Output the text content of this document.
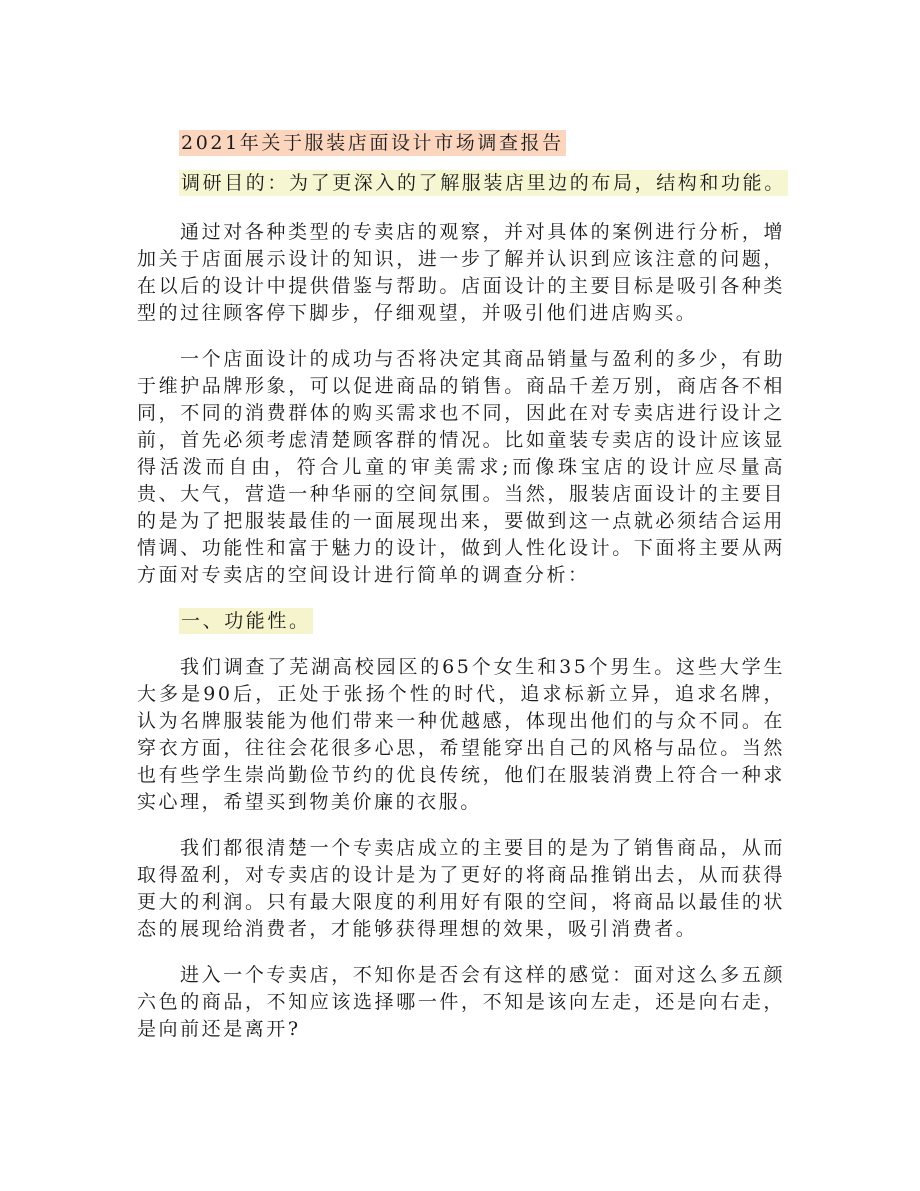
2021年关于服装店面设计市场调查报告
调研目的：为了更深入的了解服装店里边的布局，结构和功能。

通过对各种类型的专卖店的观察，并对具体的案例进行分析，增加关于店面展示设计的知识，进一步了解并认识到应该注意的问题，在以后的设计中提供借鉴与帮助。店面设计的主要目标是吸引各种类型的过往顾客停下脚步，仔细观望，并吸引他们进店购买。

一个店面设计的成功与否将决定其商品销量与盈利的多少，有助于维护品牌形象，可以促进商品的销售。商品千差万别，商店各不相同，不同的消费群体的购买需求也不同，因此在对专卖店进行设计之前，首先必须考虑清楚顾客群的情况。比如童装专卖店的设计应该显得活泼而自由，符合儿童的审美需求;而像珠宝店的设计应尽量高贵、大气，营造一种华丽的空间氛围。当然，服装店面设计的主要目的是为了把服装最佳的一面展现出来，要做到这一点就必须结合运用情调、功能性和富于魅力的设计，做到人性化设计。下面将主要从两方面对专卖店的空间设计进行简单的调查分析：

一、功能性。

我们调查了芜湖高校园区的65个女生和35个男生。这些大学生大多是90后，正处于张扬个性的时代，追求标新立异，追求名牌，认为名牌服装能为他们带来一种优越感，体现出他们的与众不同。在穿衣方面，往往会花很多心思，希望能穿出自己的风格与品位。当然也有些学生崇尚勤俭节约的优良传统，他们在服装消费上符合一种求实心理，希望买到物美价廉的衣服。

我们都很清楚一个专卖店成立的主要目的是为了销售商品，从而取得盈利，对专卖店的设计是为了更好的将商品推销出去，从而获得更大的利润。只有最大限度的利用好有限的空间，将商品以最佳的状态的展现给消费者，才能够获得理想的效果，吸引消费者。

进入一个专卖店，不知你是否会有这样的感觉：面对这么多五颜六色的商品，不知应该选择哪一件，不知是该向左走，还是向右走，是向前还是离开?
